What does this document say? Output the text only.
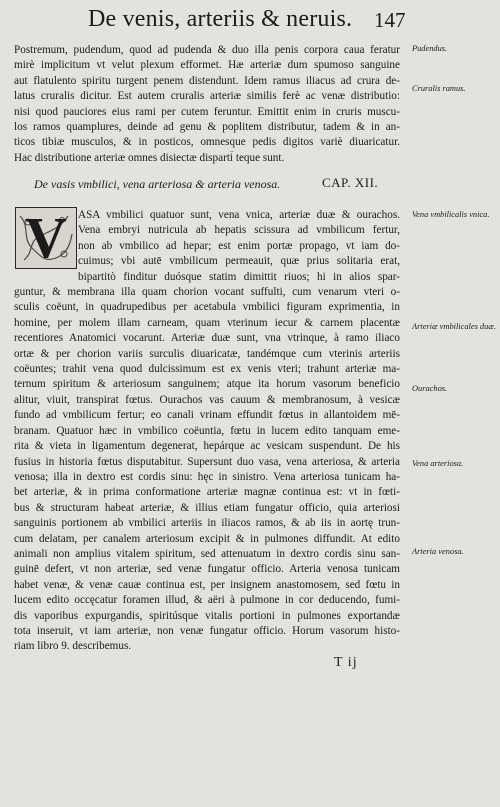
De venis, arteriis & neruis.	147
Postremum, pudendum, quod ad pudenda & duo illa penis corpora caua feratur
mirè implicitum vt velut plexum efformet. Hæ arteriæ dum spumoso sanguine
aut flatulento spiritu turgent penem distendunt. Idem ramus iliacus ad crura de-
latus cruralis dicitur. Est autem cruralis arteriæ similis ferè ac venæ distributio:
nisi quod pauciores eius rami per cutem feruntur. Emittit enim in cruris muscu-
los ramos quamplures, deinde ad genu & poplitem distributur, tadem & in an-
ticos tibiæ musculos, & in posticos, omnesque pedis digitos variè diuaricatur.
Hac distributione arteriæ omnes disiectæ disparti̋ teque sunt.
De vasis vmbilici, vena arteriosa & arteria venosa.	CAP. XII.
V ASA vmbilici quatuor sunt, vena vnica, arteriæ duæ & ourachos.
Vena embryi nutricula ab hepatis scissura ad vmbilicum fertur,
non ab vmbilico ad hepar; est enim portæ propago, vt iam do-
cuimus; vbi autē vmbilicum permeauit, quæ prius solitaria erat,
bipartitò finditur duósque statim dimittit riuos; hi in alios spar-
guntur, & membrana illa quam chorion vocant suffulti, cum venarum vteri o-
sculis coëunt, in quadrupedibus per acetabula vmbilici figuram exprimentia, in
homine, per molem illam carneam, quam vterinum iecur & carnem placentæ
recentiores Anatomici vocarunt. Arteriæ duæ sunt, vna vtrinque, à ramo iliaco
ortæ & per chorion variis surculis diuaricatæ, tandémque cum vterinis arteriis
coëuntes; trahit vena quod dulcissimum est ex venis vteri; trahunt arteriæ ma-
ternum spiritum & arteriosum sanguinem; atque ita horum vasorum beneficio
alitur, viuit, transpirat fœtus. Ourachos vas cauum & membranosum, à vesicæ
fundo ad vmbilicum fertur; eo canali vrinam effundit fœtus in allantoidem mē-
branam. Quatuor hæc in vmbilico coëuntia, fœtu in lucem edito tanquam eme-
rita & vieta in ligamentum degenerat, hepárque ac vesicam suspendunt. De his
fusius in historia fœtus disputabitur. Supersunt duo vasa, vena arteriosa, & arteria
venosa; illa in dextro est cordis sinu: hęc in sinistro. Vena arteriosa tunicam ha-
bet arteriæ, & in prima conformatione arteriæ magnæ continua est: vt in fœti-
bus & structuram habeat arteriæ, & illius etiam fungatur officio, quia arteriosi
sanguinis portionem ab vmbilici arteriis in iliacos ramos, & ab iis in aortę trun-
cum delatam, per canalem arteriosum excipit & in pulmones diffundit. At edito
animali non amplius vitalem spiritum, sed attenuatum in dextro cordis sinu san-
guinē defert, vt non arteriæ, sed venæ fungatur officio. Arteria venosa tunicam
habet venæ, & venæ cauæ continua est, per insignem anastomosem, sed fœtu in
lucem edito occęcatur foramen illud, & aëri à pulmone in cor deducendo, fumi-
dis vaporibus expurgandis, spiritúsque vitalis portioni in pulmones exportandæ
tota inseruit, vt iam arteriæ, non venæ fungatur officio. Horum vasorum histo-
riam libro 9. describemus.
Pudendus.
Cruralis ramus.
Vena vmbilicalis vnica.
Arteriæ vmbilicales duæ.
Ourachos.
Vena arteriosa.
Arteria venosa.
T ij
